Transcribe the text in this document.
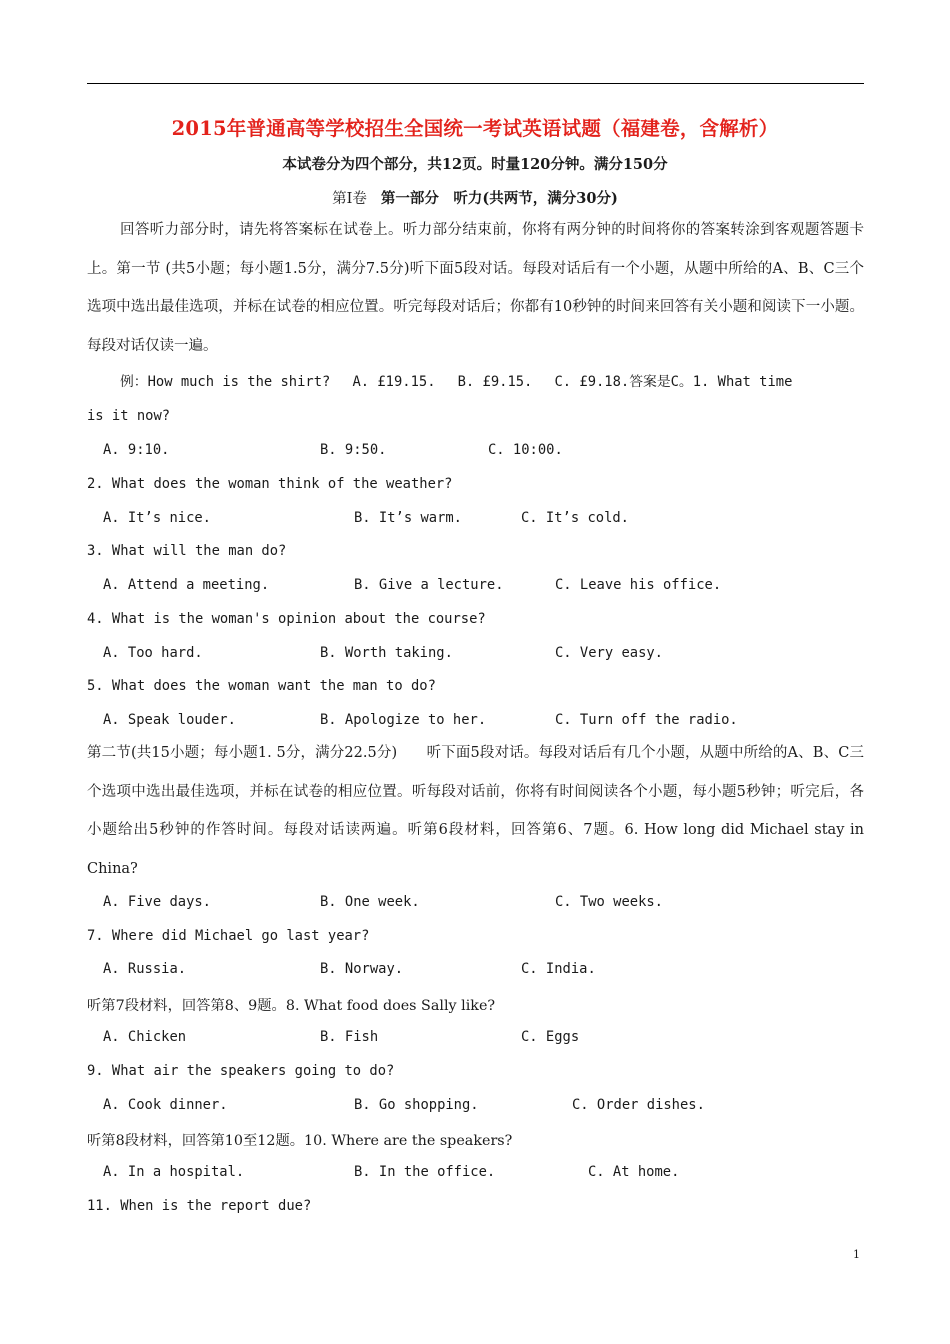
2015年普通高等学校招生全国统一考试英语试题（福建卷，含解析）
本试卷分为四个部分，共12页。时量120分钟。满分150分
第Ⅰ卷 第一部分　听力(共两节，满分30分)

回答听力部分时，请先将答案标在试卷上。听力部分结束前，你将有两分钟的时间将你的答案转涂到客观题答题卡上。第一节 (共5小题；每小题1.5分，满分7.5分)听下面5段对话。每段对话后有一个小题，从题中所给的A、B、C三个选项中选出最佳选项，并标在试卷的相应位置。听完每段对话后；你都有10秒钟的时间来回答有关小题和阅读下一小题。每段对话仅读一遍。

例：How much is the shirt?　 A. £19.15.　 B. £9.15.　 C. £9.18.答案是C。1. What time
is it now?
A. 9:10.	B. 9:50.	C. 10:00.
2. What does the woman think of the weather?
A. It’s nice.	B. It’s warm.	C. It’s cold.
3. What will the man do?
A. Attend a meeting.	B. Give a lecture.	C. Leave his office.
4. What is the woman's opinion about the course?
A. Too hard.	B. Worth taking.	C. Very easy.
5. What does the woman want the man to do?
A. Speak louder.	B. Apologize to her.	C. Turn off the radio.

第二节(共15小题；每小题1. 5分，满分22.5分)　　听下面5段对话。每段对话后有几个小题，从题中所给的A、B、C三个选项中选出最佳选项，并标在试卷的相应位置。听每段对话前，你将有时间阅读各个小题，每小题5秒钟；听完后，各小题给出5秒钟的作答时间。每段对话读两遍。听第6段材料，回答第6、7题。6. How long did Michael stay in China?

A. Five days.	B. One week.	C. Two weeks.
7. Where did Michael go last year?
A. Russia.	B. Norway.	C. India.
听第7段材料，回答第8、9题。8. What food does Sally like?
A. Chicken	B. Fish	C. Eggs
9. What air the speakers going to do?
A. Cook dinner.	B. Go shopping.	C. Order dishes.
听第8段材料，回答第10至12题。10. Where are the speakers?
A. In a hospital.	B. In the office.	C. At home.
11. When is the report due?
1
